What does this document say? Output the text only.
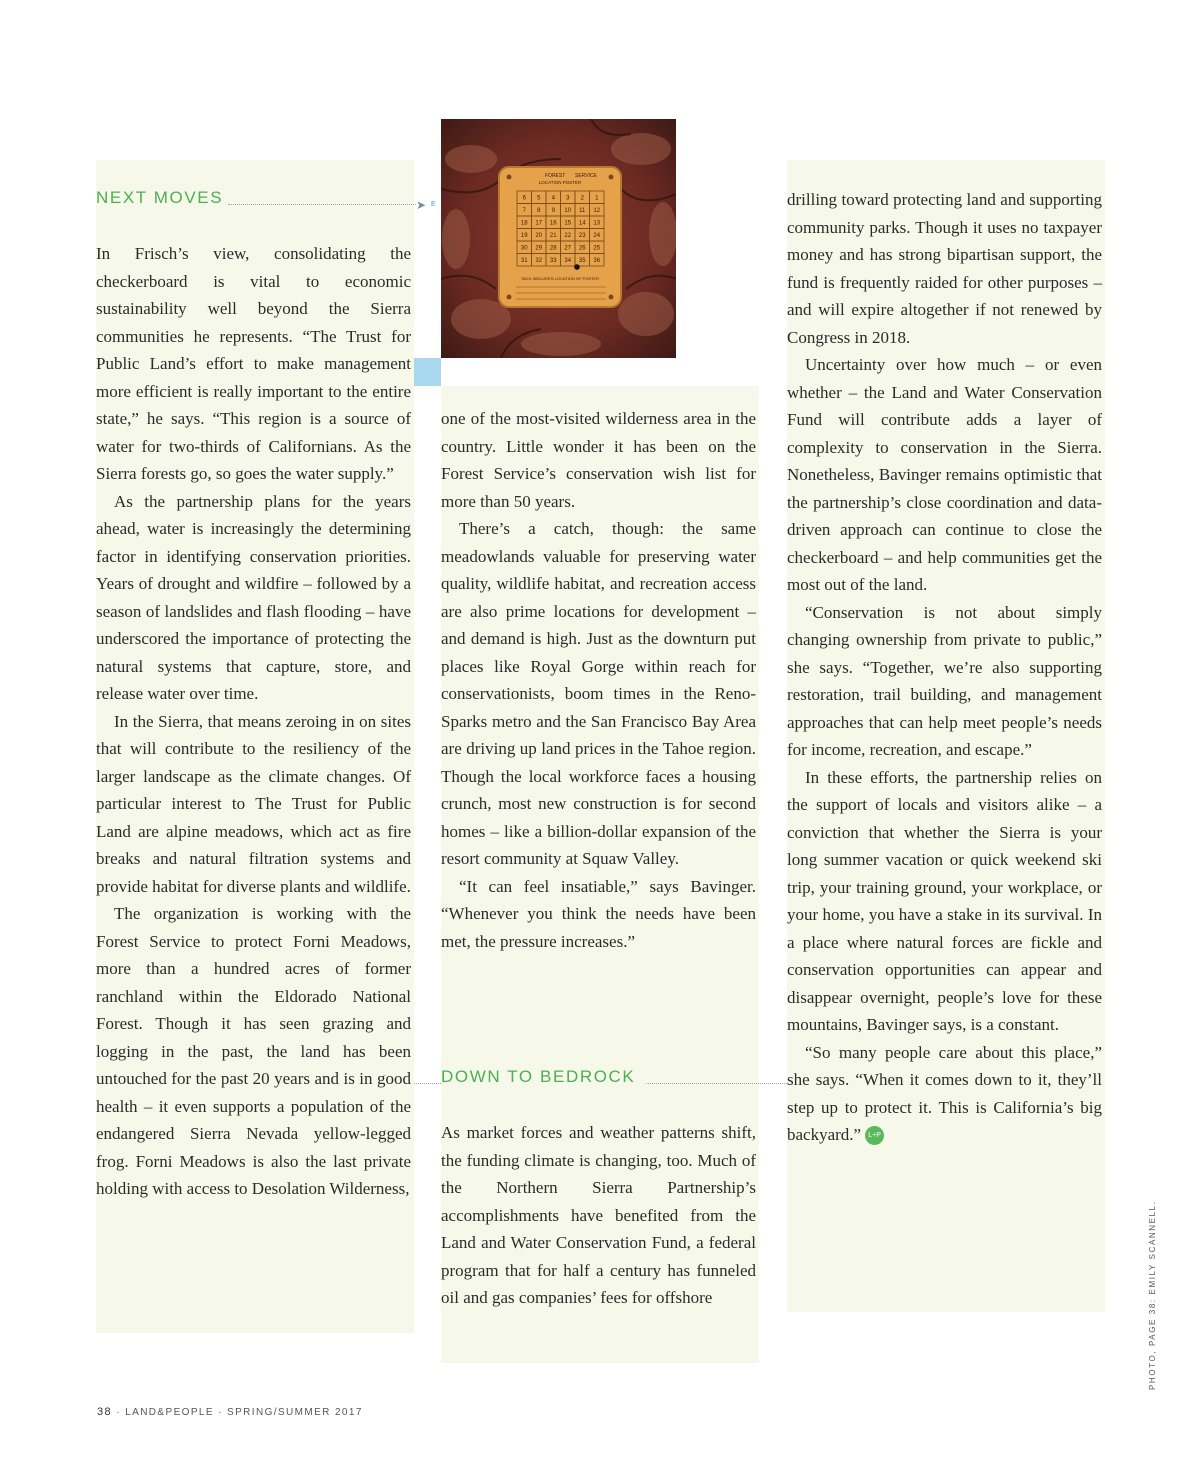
6 5 4 3 2 1
7 8 9 10 11 12
18 17 16 15 14 13
19 20 21 22 23 24
30 29 28 27 26 25
31 32 33 34 35 36
FOREST SERVICE
LOCATION POSTER
TACK INDICATES LOCATION OF POSTER
➤ E
NEXT MOVES

In Frisch’s view, consolidating the checkerboard is vital to economic sustainability well beyond the Sierra communities he represents. “The Trust for Public Land’s effort to make management more efficient is really important to the entire state,” he says. “This region is a source of water for two-thirds of Californians. As the Sierra forests go, so goes the water supply.”

As the partnership plans for the years ahead, water is increasingly the determining factor in identifying conservation priorities. Years of drought and wildfire – followed by a season of landslides and flash flooding – have underscored the importance of protecting the natural systems that capture, store, and release water over time.

In the Sierra, that means zeroing in on sites that will contribute to the resiliency of the larger landscape as the climate changes. Of particular interest to The Trust for Public Land are alpine meadows, which act as fire breaks and natural filtration systems and provide habitat for diverse plants and wildlife.

The organization is working with the Forest Service to protect Forni Meadows, more than a hundred acres of former ranchland within the Eldorado National Forest. Though it has seen grazing and logging in the past, the land has been untouched for the past 20 years and is in good health – it even supports a population of the endangered Sierra Nevada yellow-legged frog. Forni Meadows is also the last private holding with access to Desolation Wilderness,

one of the most-visited wilderness area in the country. Little wonder it has been on the Forest Service’s conservation wish list for more than 50 years.

There’s a catch, though: the same meadowlands valuable for preserving water quality, wildlife habitat, and recreation access are also prime locations for development – and demand is high. Just as the downturn put places like Royal Gorge within reach for conservationists, boom times in the Reno-Sparks metro and the San Francisco Bay Area are driving up land prices in the Tahoe region. Though the local workforce faces a housing crunch, most new construction is for second homes – like a billion-dollar expansion of the resort community at Squaw Valley.

“It can feel insatiable,” says Bavinger. “Whenever you think the needs have been met, the pressure increases.”

DOWN TO BEDROCK

As market forces and weather patterns shift, the funding climate is changing, too. Much of the Northern Sierra Partnership’s accomplishments have benefited from the Land and Water Conservation Fund, a federal program that for half a century has funneled oil and gas companies’ fees for offshore

drilling toward protecting land and supporting community parks. Though it uses no taxpayer money and has strong bipartisan support, the fund is frequently raided for other purposes – and will expire altogether if not renewed by Congress in 2018.

Uncertainty over how much – or even whether – the Land and Water Conservation Fund will contribute adds a layer of complexity to conservation in the Sierra. Nonetheless, Bavinger remains optimistic that the partnership’s close coordination and data-driven approach can continue to close the checkerboard – and help communities get the most out of the land.

“Conservation is not about simply changing ownership from private to public,” she says. “Together, we’re also supporting restoration, trail building, and management approaches that can help meet people’s needs for income, recreation, and escape.”

In these efforts, the partnership relies on the support of locals and visitors alike – a conviction that whether the Sierra is your long summer vacation or quick weekend ski trip, your training ground, your workplace, or your home, you have a stake in its survival. In a place where natural forces are fickle and conservation opportunities can appear and disappear overnight, people’s love for these mountains, Bavinger says, is a constant.

“So many people care about this place,” she says. “When it comes down to it, they’ll step up to protect it. This is California’s big backyard.” L+P

38 · LAND&PEOPLE · SPRING/SUMMER 2017
PHOTO, PAGE 38: EMILY SCANNELL.
